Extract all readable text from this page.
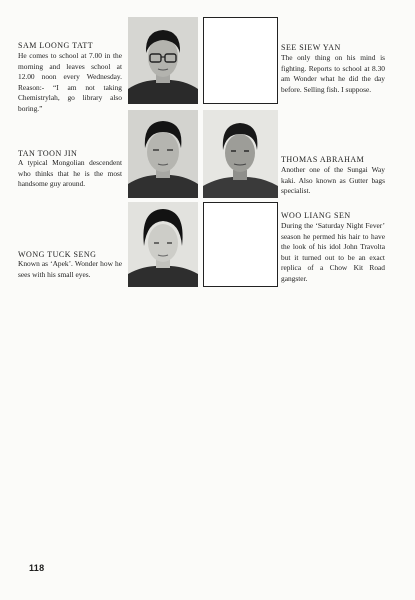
SAM LOONG TATT
He comes to school at 7.00 in the morning and leaves school at 12.00 noon every Wednesday. Reason:- “I am not taking Chemistrylah, go library also boring.”
SEE SIEW YAN
The only thing on his mind is fighting. Reports to school at 8.30 am Wonder what he did the day before. Selling fish. I suppose.
TAN TOON JIN
A typical Mongolian descendent who thinks that he is the most handsome guy around.
THOMAS ABRAHAM
Another one of the Sungai Way kaki. Also known as Gutter bags specialist.
WONG TUCK SENG
Known as ‘Apek’. Wonder how he sees with his small eyes.
WOO LIANG SEN
During the ‘Saturday Night Fever’ season he permed his hair to have the look of his idol John Travolta but it turned out to be an exact replica of a Chow Kit Road gangster.
118
